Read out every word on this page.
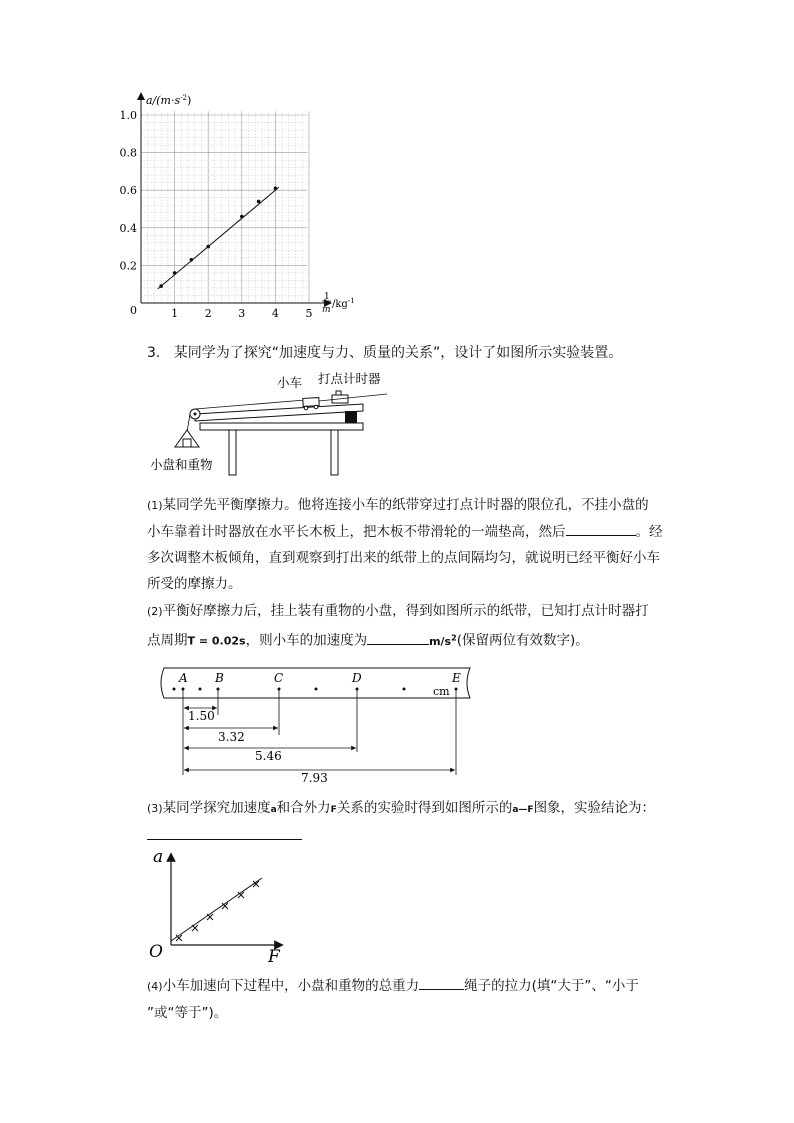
0.2
0.4
0.6
0.8
1.0
1 2 3 4 5
0
$a/(m\cdot s^{-2})$
1
m $/kg^{-1}$
3. 某同学为了探究“加速度与力、质量的关系”，设计了如图所示实验装置。
小车 打点计时器
小盘和重物
(1)某同学先平衡摩擦力。他将连接小车的纸带穿过打点计时器的限位孔，不挂小盘的
小车靠着计时器放在水平长木板上，把木板不带滑轮的一端垫高，然后	。经
多次调整木板倾角，直到观察到打出来的纸带上的点间隔均匀，就说明已经平衡好小车
所受的摩擦力。
(2)平衡好摩擦力后，挂上装有重物的小盘，得到如图所示的纸带，已知打点计时器打
点周期T = 0.02s，则小车的加速度为	$m/s^2$(保留两位有效数字)。
A B	C	D	E
cm
1.50
3.32
5.46
7.93
(3)某同学探究加速度a和合外力F关系的实验时得到如图所示的a—F图象，实验结论为：
a
F
O
(4)小车加速向下过程中，小盘和重物的总重力	绳子的拉力(填“大于”、“小于
”或“等于”)。
